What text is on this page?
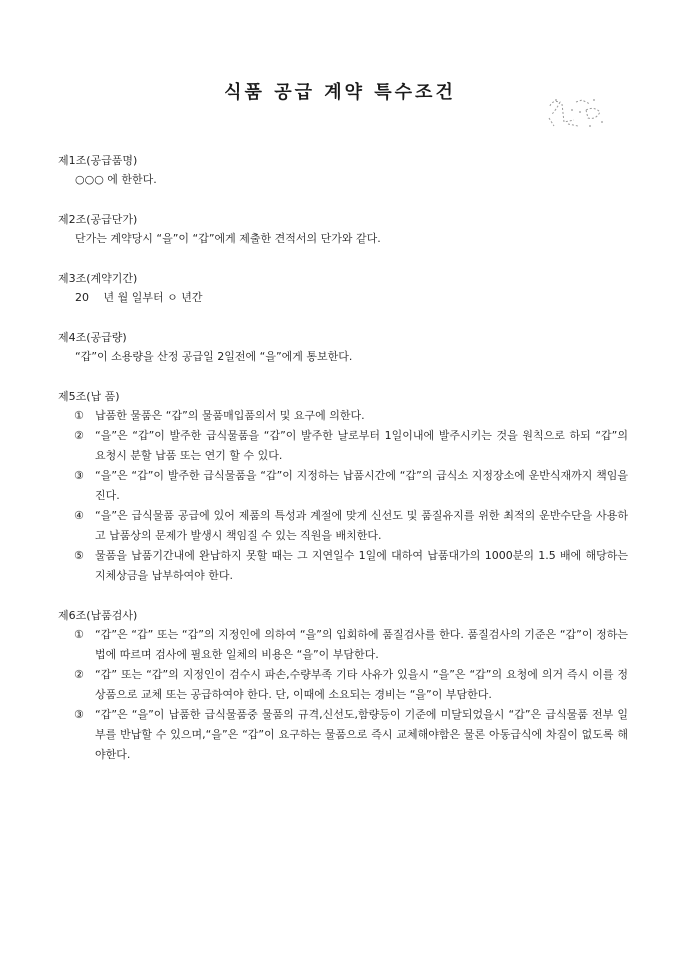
식품 공급 계약 특수조건
제1조(공급품명)
○○○ 에 한한다.
제2조(공급단가)
단가는 계약당시 “을”이 “갑”에게 제출한 견적서의 단가와 같다.
제3조(계약기간)
20　 년 월 일부터 ㅇ 년간
제4조(공급량)
“갑”이 소용량을 산정 공급일 2일전에 “을”에게 통보한다.
제5조(납 품)
①	납품한 물품은 “갑”의 물품매입품의서 및 요구에 의한다.
②	“을”은 “갑”이 발주한 급식물품을 “갑”이 발주한 날로부터 1일이내에 발주시키는 것을 원칙으로 하되 “갑”의 요청시 분할 납품 또는 연기 할 수 있다.
③	“을”은 “갑”이 발주한 급식물품을 “갑”이 지정하는 납품시간에 “갑”의 급식소 지정장소에 운반식재까지 책임을 진다.
④	“을”은 급식물품 공급에 있어 제품의 특성과 계절에 맞게 신선도 및 품질유지를 위한 최적의 운반수단을 사용하고 납품상의 문제가 발생시 책임질 수 있는 직원을 배치한다.
⑤	물품을 납품기간내에 완납하지 못할 때는 그 지연일수 1일에 대하여 납품대가의 1000분의 1.5 배에 해당하는 지체상금을 납부하여야 한다.
제6조(납품검사)
①	“갑”은 “갑” 또는 “갑”의 지정인에 의하여 “을”의 입회하에 품질검사를 한다. 품질검사의 기준은 “갑”이 정하는 법에 따르며 검사에 필요한 일체의 비용은 “을”이 부담한다.
②	“갑” 또는 “갑”의 지정인이 검수시 파손,수량부족 기타 사유가 있을시 “을”은 “갑”의 요청에 의거 즉시 이를 정상품으로 교체 또는 공급하여야 한다. 단, 이때에 소요되는 경비는 “을”이 부담한다.
③	“갑”은 “을”이 납품한 급식물품중 물품의 규격,신선도,함량등이 기준에 미달되었을시 “갑”은 급식물품 전부 일부를 반납할 수 있으며,“을”은 “갑”이 요구하는 물품으로 즉시 교체해야함은 물론 아동급식에 차질이 없도록 해야한다.
